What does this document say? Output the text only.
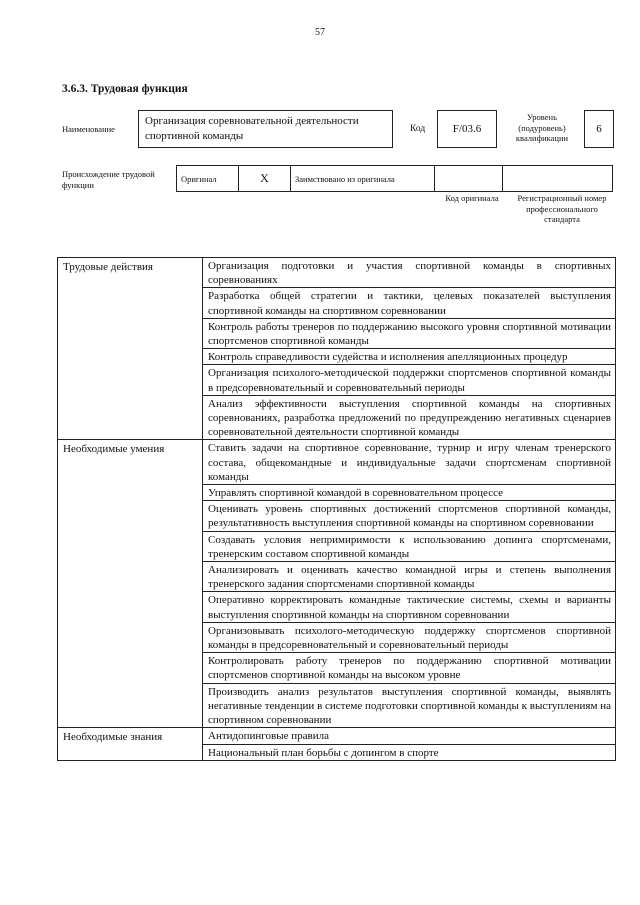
57
3.6.3. Трудовая функция
Наименование
Организация соревновательной деятельности спортивной команды
Код	F/03.6
Уровень (подуровень) квалификации
6
Происхождение трудовой функции
Оригинал	X	Заимствовано из оригинала		
Код оригинала	Регистрационный номер профессионального стандарта
Трудовые действия	Организация подготовки и участия спортивной команды в спортивных соревнованиях
	Разработка общей стратегии и тактики, целевых показателей выступления спортивной команды на спортивном соревновании
	Контроль работы тренеров по поддержанию высокого уровня спортивной мотивации спортсменов спортивной команды
	Контроль справедливости судейства и исполнения апелляционных процедур
	Организация психолого-методической поддержки спортсменов спортивной команды в предсоревновательный и соревновательный периоды
	Анализ эффективности выступления спортивной команды на спортивных соревнованиях, разработка предложений по предупреждению негативных сценариев соревновательной деятельности спортивной команды
Необходимые умения	Ставить задачи на спортивное соревнование, турнир и игру членам тренерского состава, общекомандные и индивидуальные задачи спортсменам спортивной команды
	Управлять спортивной командой в соревновательном процессе
	Оценивать уровень спортивных достижений спортсменов спортивной команды, результативность выступления спортивной команды на спортивном соревновании
	Создавать условия непримиримости к использованию допинга спортсменами, тренерским составом спортивной команды
	Анализировать и оценивать качество командной игры и степень выполнения тренерского задания спортсменами спортивной команды
	Оперативно корректировать командные тактические системы, схемы и варианты выступления спортивной команды на спортивном соревновании
	Организовывать психолого-методическую поддержку спортсменов спортивной команды в предсоревновательный и соревновательный периоды
	Контролировать работу тренеров по поддержанию спортивной мотивации спортсменов спортивной команды на высоком уровне
	Производить анализ результатов выступления спортивной команды, выявлять негативные тенденции в системе подготовки спортивной команды к выступлениям на спортивном соревновании
Необходимые знания	Антидопинговые правила
	Национальный план борьбы с допингом в спорте
